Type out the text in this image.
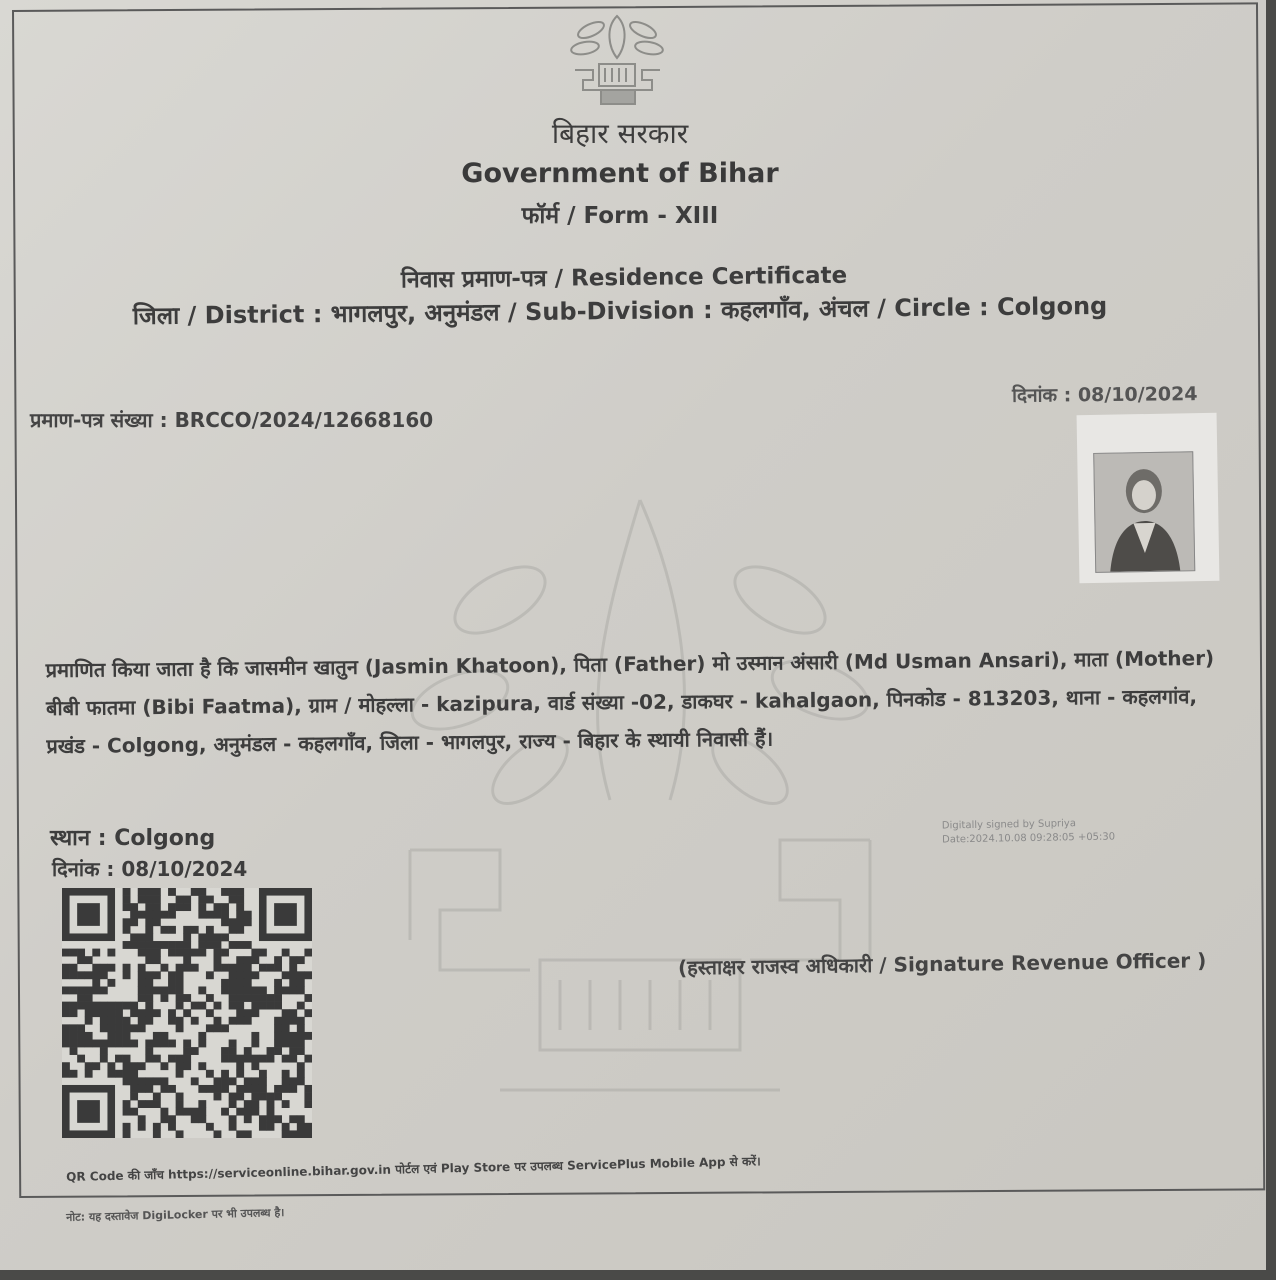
बिहार सरकार
Government of Bihar
फॉर्म / Form - XIII
निवास प्रमाण-पत्र / Residence Certificate
जिला / District : भागलपुर, अनुमंडल / Sub-Division : कहलगाँव, अंचल / Circle : Colgong
दिनांक : 08/10/2024
प्रमाण-पत्र संख्या : BRCCO/2024/12668160
प्रमाणित किया जाता है कि जासमीन खातुन (Jasmin Khatoon), पिता (Father) मो उस्मान अंसारी (Md Usman Ansari), माता (Mother) बीबी फातमा (Bibi Faatma), ग्राम / मोहल्ला - kazipura, वार्ड संख्या -02, डाकघर - kahalgaon, पिनकोड - 813203, थाना - कहलगांव, प्रखंड - Colgong, अनुमंडल - कहलगाँव, जिला - भागलपुर, राज्य - बिहार के स्थायी निवासी हैं।
स्थान : Colgong
दिनांक : 08/10/2024
Digitally signed by Supriya
Date:2024.10.08 09:28:05 +05:30
(हस्ताक्षर राजस्व अधिकारी / Signature Revenue Officer )
QR Code की जाँच https://serviceonline.bihar.gov.in पोर्टल एवं Play Store पर उपलब्ध ServicePlus Mobile App से करें।
नोट: यह दस्तावेज DigiLocker पर भी उपलब्ध है।
